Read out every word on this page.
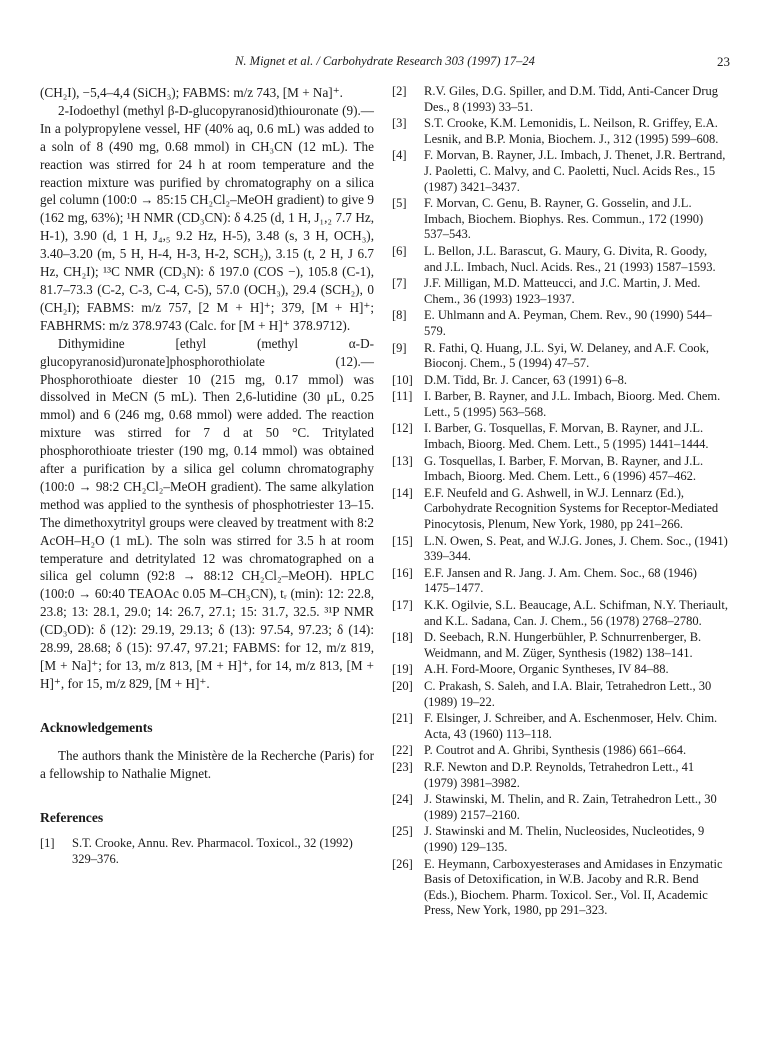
N. Mignet et al. / Carbohydrate Research 303 (1997) 17–24	23

(CH₂I), −5,4–4,4 (SiCH₃); FABMS: m/z 743, [M + Na]⁺.

2-Iodoethyl (methyl β-D-glucopyranosid)thiouronate (9).—In a polypropylene vessel, HF (40% aq, 0.6 mL) was added to a soln of 8 (490 mg, 0.68 mmol) in CH₃CN (12 mL). The reaction was stirred for 24 h at room temperature and the reaction mixture was purified by chromatography on a silica gel column (100:0 → 85:15 CH₂Cl₂–MeOH gradient) to give 9 (162 mg, 63%); ¹H NMR (CD₃CN): δ 4.25 (d, 1 H, J₁,₂ 7.7 Hz, H-1), 3.90 (d, 1 H, J₄,₅ 9.2 Hz, H-5), 3.48 (s, 3 H, OCH₃), 3.40–3.20 (m, 5 H, H-4, H-3, H-2, SCH₂), 3.15 (t, 2 H, J 6.7 Hz, CH₂I); ¹³C NMR (CD₃N): δ 197.0 (COS −), 105.8 (C-1), 81.7–73.3 (C-2, C-3, C-4, C-5), 57.0 (OCH₃), 29.4 (SCH₂), 0 (CH₂I); FABMS: m/z 757, [2 M + H]⁺; 379, [M + H]⁺; FABHRMS: m/z 378.9743 (Calc. for [M + H]⁺ 378.9712).

Dithymidine [ethyl (methyl α-D-glucopyranosid)uronate]phosphorothiolate (12).—Phosphorothioate diester 10 (215 mg, 0.17 mmol) was dissolved in MeCN (5 mL). Then 2,6-lutidine (30 μL, 0.25 mmol) and 6 (246 mg, 0.68 mmol) were added. The reaction mixture was stirred for 7 d at 50 °C. Tritylated phosphorothioate triester (190 mg, 0.14 mmol) was obtained after a purification by a silica gel column chromatography (100:0 → 98:2 CH₂Cl₂–MeOH gradient). The same alkylation method was applied to the synthesis of phosphotriester 13–15. The dimethoxytrityl groups were cleaved by treatment with 8:2 AcOH–H₂O (1 mL). The soln was stirred for 3.5 h at room temperature and detritylated 12 was chromatographed on a silica gel column (92:8 → 88:12 CH₂Cl₂–MeOH). HPLC (100:0 → 60:40 TEAOAc 0.05 M–CH₃CN), tᵣ (min): 12: 22.8, 23.8; 13: 28.1, 29.0; 14: 26.7, 27.1; 15: 31.7, 32.5. ³¹P NMR (CD₃OD): δ (12): 29.19, 29.13; δ (13): 97.54, 97.23; δ (14): 28.99, 28.68; δ (15): 97.47, 97.21; FABMS: for 12, m/z 819, [M + Na]⁺; for 13, m/z 813, [M + H]⁺, for 14, m/z 813, [M + H]⁺, for 15, m/z 829, [M + H]⁺.

Acknowledgements

The authors thank the Ministère de la Recherche (Paris) for a fellowship to Nathalie Mignet.

References
[1] S.T. Crooke, Annu. Rev. Pharmacol. Toxicol., 32 (1992) 329–376.
[2] R.V. Giles, D.G. Spiller, and D.M. Tidd, Anti-Cancer Drug Des., 8 (1993) 33–51.
[3] S.T. Crooke, K.M. Lemonidis, L. Neilson, R. Griffey, E.A. Lesnik, and B.P. Monia, Biochem. J., 312 (1995) 599–608.
[4] F. Morvan, B. Rayner, J.L. Imbach, J. Thenet, J.R. Bertrand, J. Paoletti, C. Malvy, and C. Paoletti, Nucl. Acids Res., 15 (1987) 3421–3437.
[5] F. Morvan, C. Genu, B. Rayner, G. Gosselin, and J.L. Imbach, Biochem. Biophys. Res. Commun., 172 (1990) 537–543.
[6] L. Bellon, J.L. Barascut, G. Maury, G. Divita, R. Goody, and J.L. Imbach, Nucl. Acids. Res., 21 (1993) 1587–1593.
[7] J.F. Milligan, M.D. Matteucci, and J.C. Martin, J. Med. Chem., 36 (1993) 1923–1937.
[8] E. Uhlmann and A. Peyman, Chem. Rev., 90 (1990) 544–579.
[9] R. Fathi, Q. Huang, J.L. Syi, W. Delaney, and A.F. Cook, Bioconj. Chem., 5 (1994) 47–57.
[10] D.M. Tidd, Br. J. Cancer, 63 (1991) 6–8.
[11] I. Barber, B. Rayner, and J.L. Imbach, Bioorg. Med. Chem. Lett., 5 (1995) 563–568.
[12] I. Barber, G. Tosquellas, F. Morvan, B. Rayner, and J.L. Imbach, Bioorg. Med. Chem. Lett., 5 (1995) 1441–1444.
[13] G. Tosquellas, I. Barber, F. Morvan, B. Rayner, and J.L. Imbach, Bioorg. Med. Chem. Lett., 6 (1996) 457–462.
[14] E.F. Neufeld and G. Ashwell, in W.J. Lennarz (Ed.), Carbohydrate Recognition Systems for Receptor-Mediated Pinocytosis, Plenum, New York, 1980, pp 241–266.
[15] L.N. Owen, S. Peat, and W.J.G. Jones, J. Chem. Soc., (1941) 339–344.
[16] E.F. Jansen and R. Jang. J. Am. Chem. Soc., 68 (1946) 1475–1477.
[17] K.K. Ogilvie, S.L. Beaucage, A.L. Schifman, N.Y. Theriault, and K.L. Sadana, Can. J. Chem., 56 (1978) 2768–2780.
[18] D. Seebach, R.N. Hungerbühler, P. Schnurrenberger, B. Weidmann, and M. Züger, Synthesis (1982) 138–141.
[19] A.H. Ford-Moore, Organic Syntheses, IV 84–88.
[20] C. Prakash, S. Saleh, and I.A. Blair, Tetrahedron Lett., 30 (1989) 19–22.
[21] F. Elsinger, J. Schreiber, and A. Eschenmoser, Helv. Chim. Acta, 43 (1960) 113–118.
[22] P. Coutrot and A. Ghribi, Synthesis (1986) 661–664.
[23] R.F. Newton and D.P. Reynolds, Tetrahedron Lett., 41 (1979) 3981–3982.
[24] J. Stawinski, M. Thelin, and R. Zain, Tetrahedron Lett., 30 (1989) 2157–2160.
[25] J. Stawinski and M. Thelin, Nucleosides, Nucleotides, 9 (1990) 129–135.
[26] E. Heymann, Carboxyesterases and Amidases in Enzymatic Basis of Detoxification, in W.B. Jacoby and R.R. Bend (Eds.), Biochem. Pharm. Toxicol. Ser., Vol. II, Academic Press, New York, 1980, pp 291–323.
